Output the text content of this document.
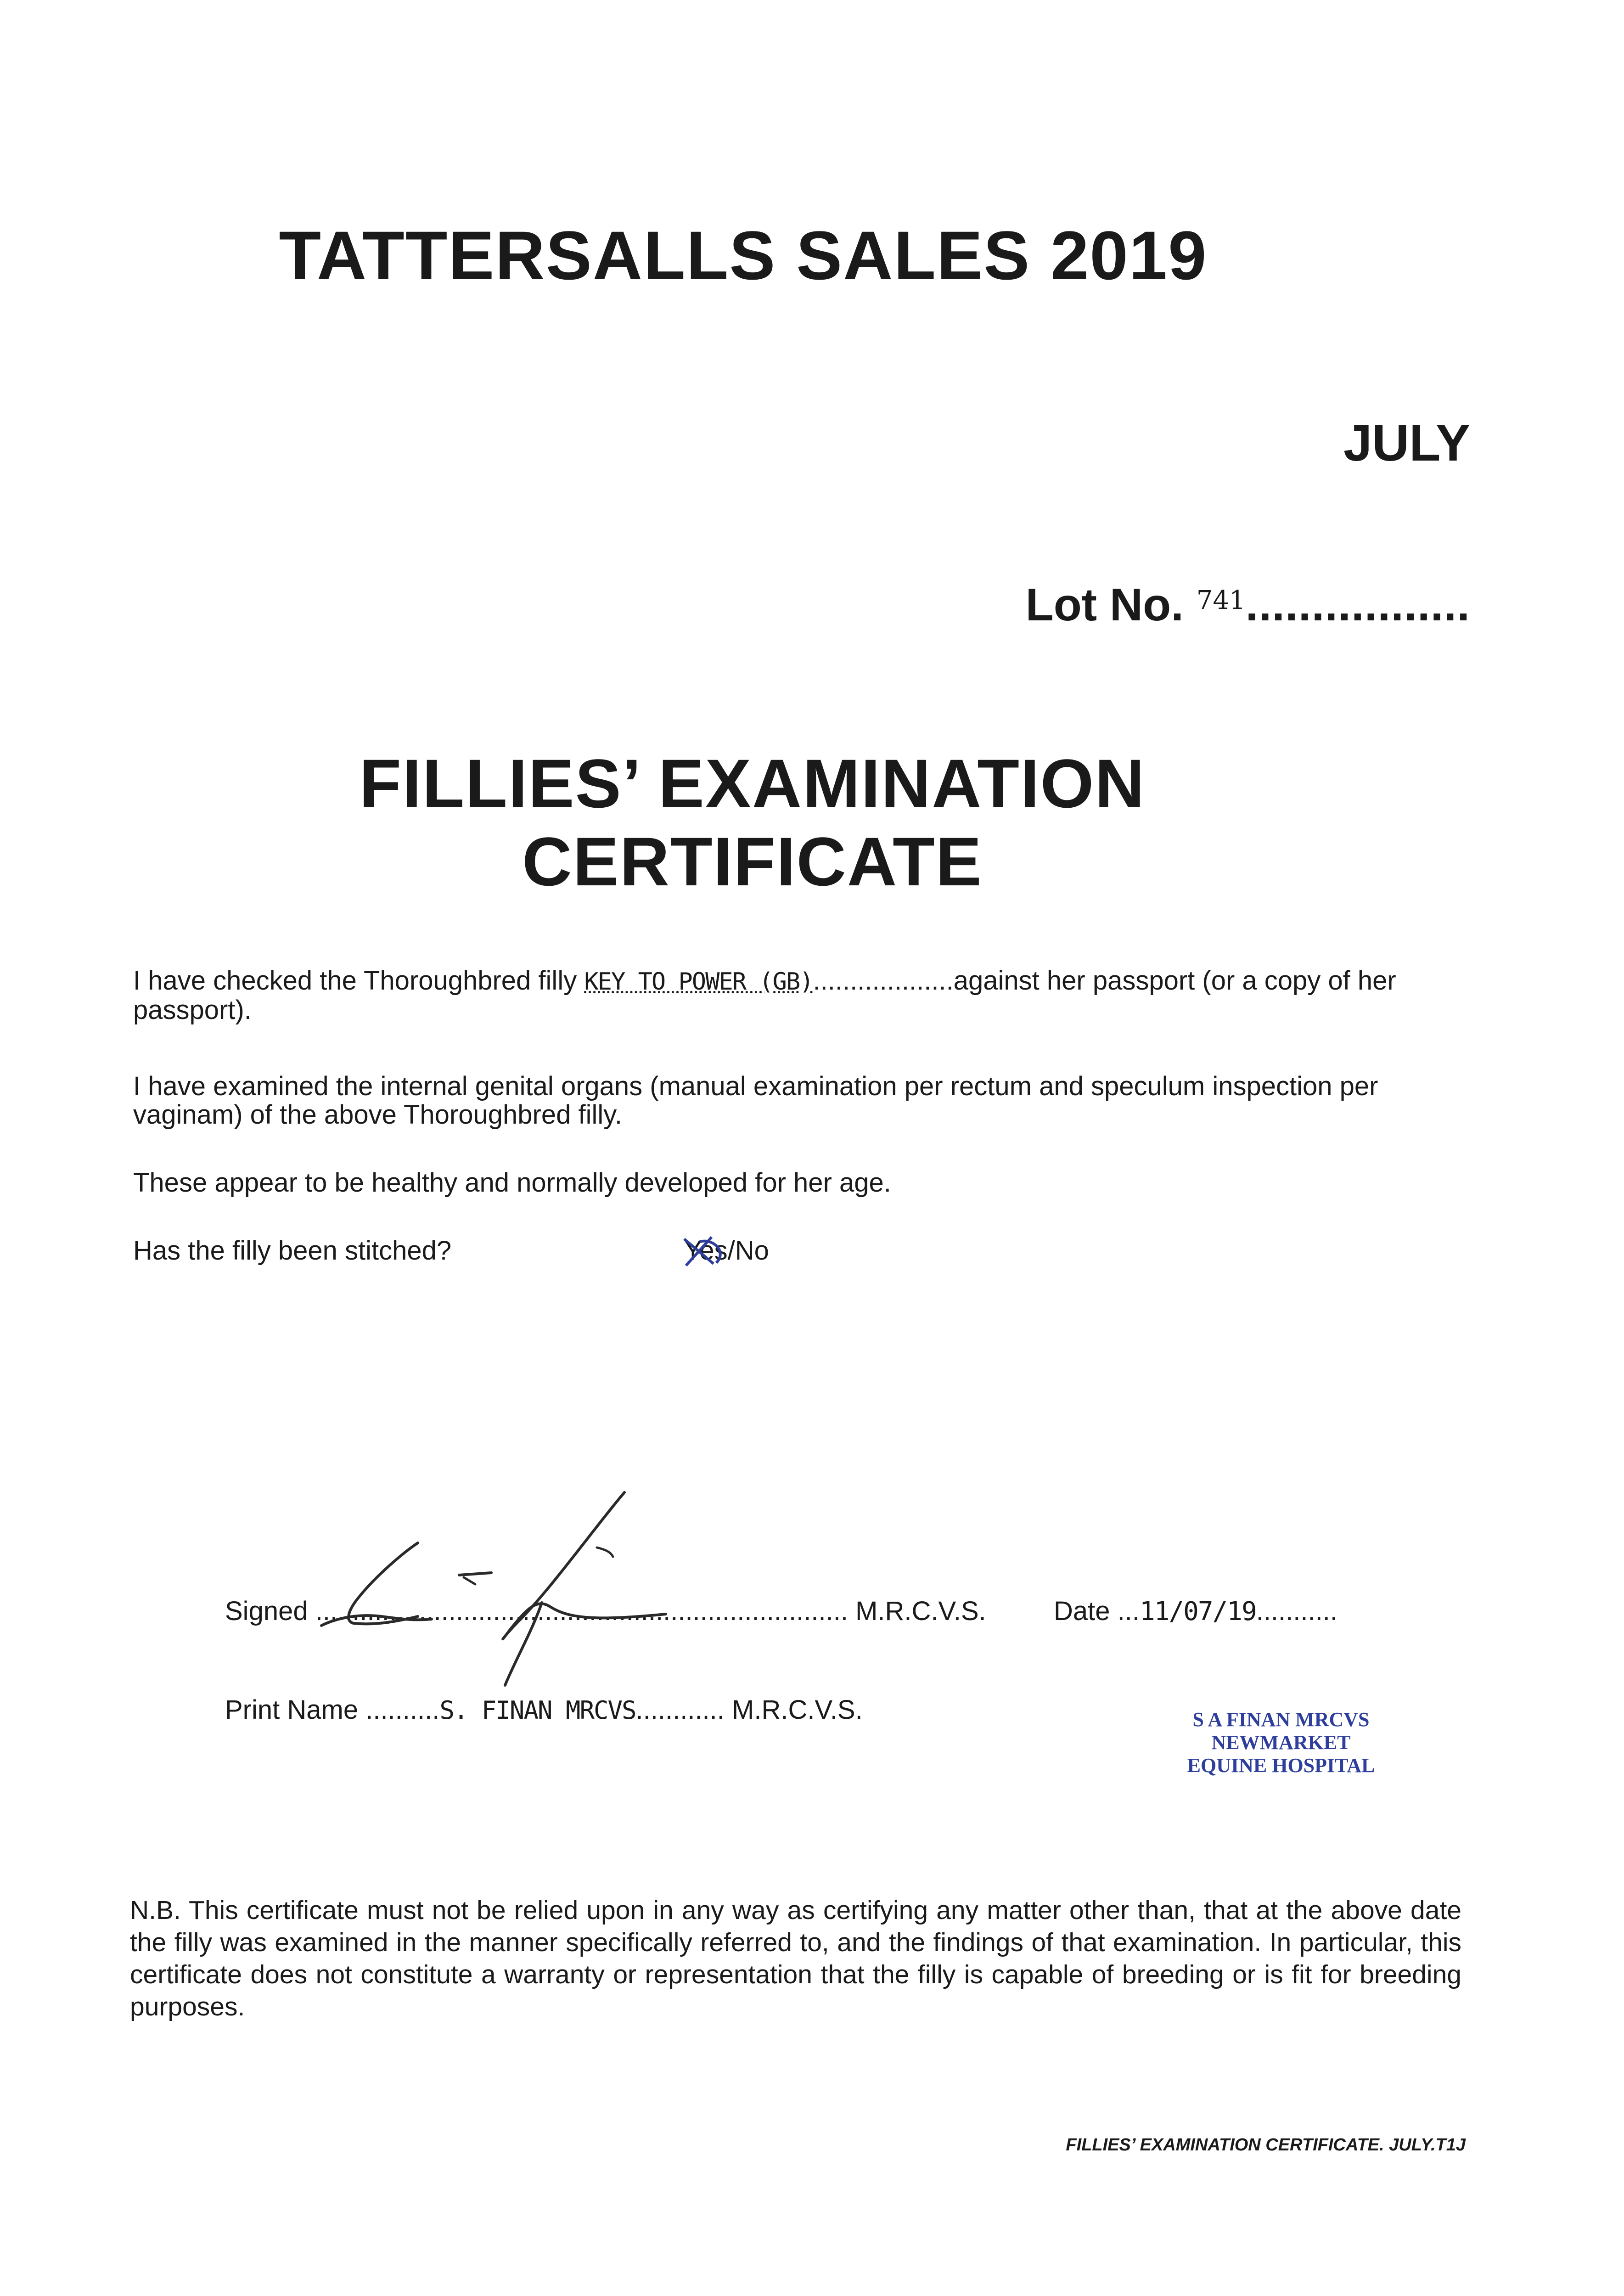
TATTERSALLS SALES 2019
JULY
Lot No. 741.................
FILLIES’ EXAMINATION
CERTIFICATE
I have checked the Thoroughbred filly KEY TO POWER (GB)...................against her passport (or a copy of her passport).
I have examined the internal genital organs (manual examination per rectum and speculum inspection per vaginam) of the above Thoroughbred filly.
These appear to be healthy and normally developed for her age.
Has the filly been stitched?	Yes
/No
Signed ........................................................................ M.R.C.V.S.	Date ...11/07/19...........
Print Name ..........S. FINAN MRCVS............ M.R.C.V.S.	S A FINAN MRCVS
NEWMARKET
EQUINE HOSPITAL
N.B. This certificate must not be relied upon in any way as certifying any matter other than, that at the above date the filly was examined in the manner specifically referred to, and the findings of that examination. In particular, this certificate does not constitute a warranty or representation that the filly is capable of breeding or is fit for breeding purposes.
FILLIES’ EXAMINATION CERTIFICATE. JULY.T1J
